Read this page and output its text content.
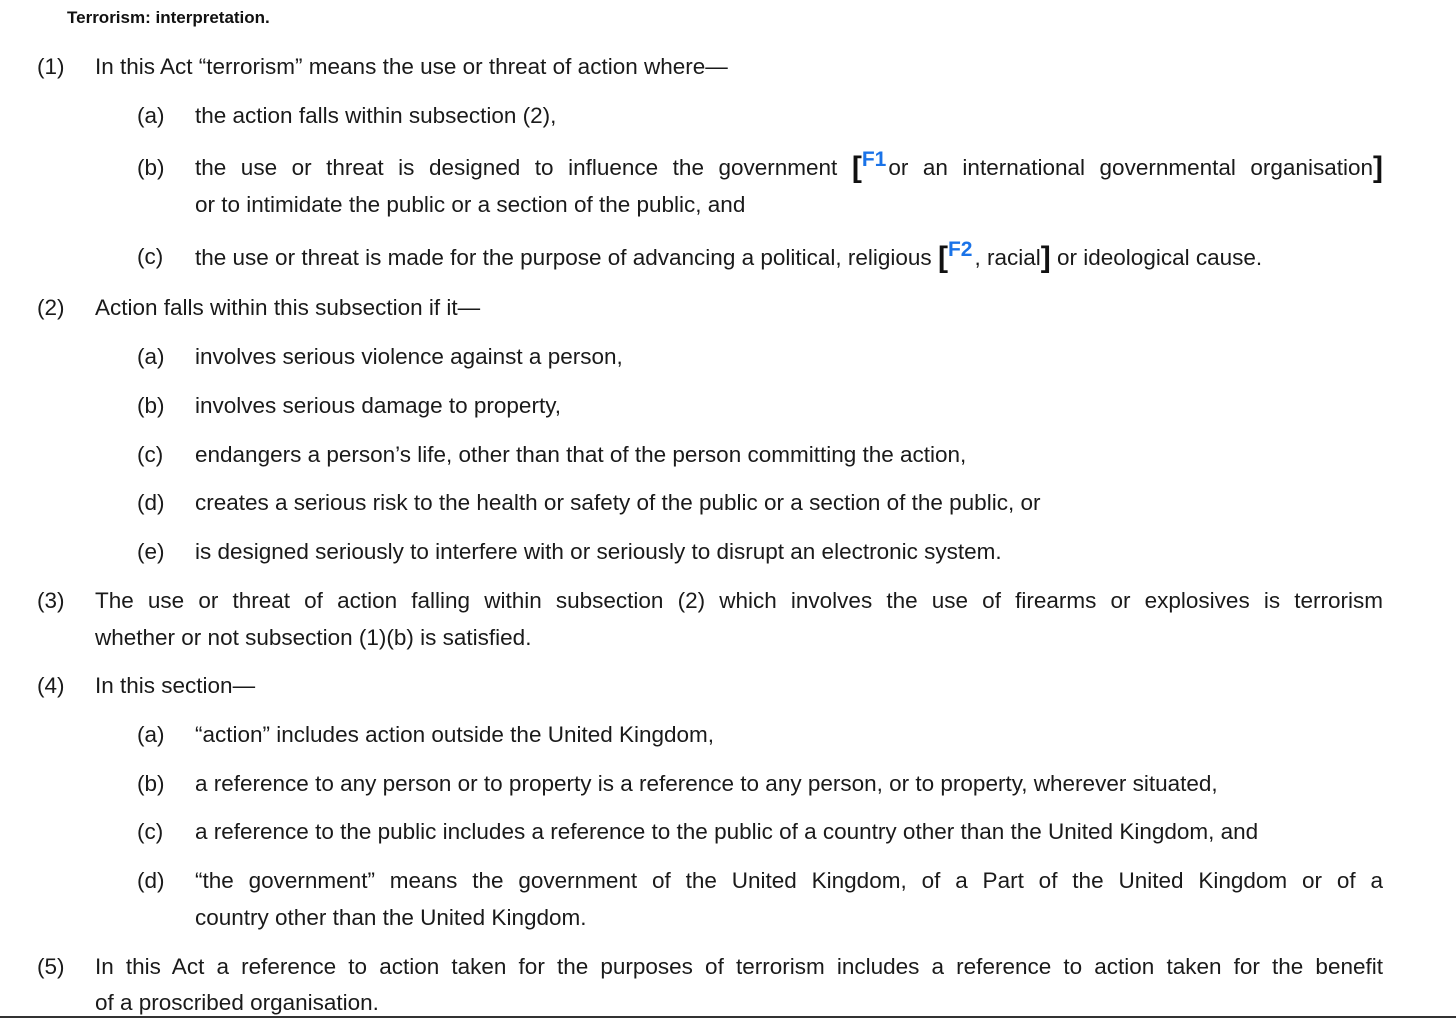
Terrorism: interpretation.
(1) In this Act “terrorism” means the use or threat of action where—
(a) the action falls within subsection (2),
(b) the use or threat is designed to influence the government [F1or an international governmental organisation]
or to intimidate the public or a section of the public, and
(c) the use or threat is made for the purpose of advancing a political, religious [F2, racial] or ideological cause.
(2) Action falls within this subsection if it—
(a) involves serious violence against a person,
(b) involves serious damage to property,
(c) endangers a person’s life, other than that of the person committing the action,
(d) creates a serious risk to the health or safety of the public or a section of the public, or
(e) is designed seriously to interfere with or seriously to disrupt an electronic system.
(3) The use or threat of action falling within subsection (2) which involves the use of firearms or explosives is terrorism
whether or not subsection (1)(b) is satisfied.
(4) In this section—
(a) “action” includes action outside the United Kingdom,
(b) a reference to any person or to property is a reference to any person, or to property, wherever situated,
(c) a reference to the public includes a reference to the public of a country other than the United Kingdom, and
(d) “the government” means the government of the United Kingdom, of a Part of the United Kingdom or of a
country other than the United Kingdom.
(5) In this Act a reference to action taken for the purposes of terrorism includes a reference to action taken for the benefit
of a proscribed organisation.
